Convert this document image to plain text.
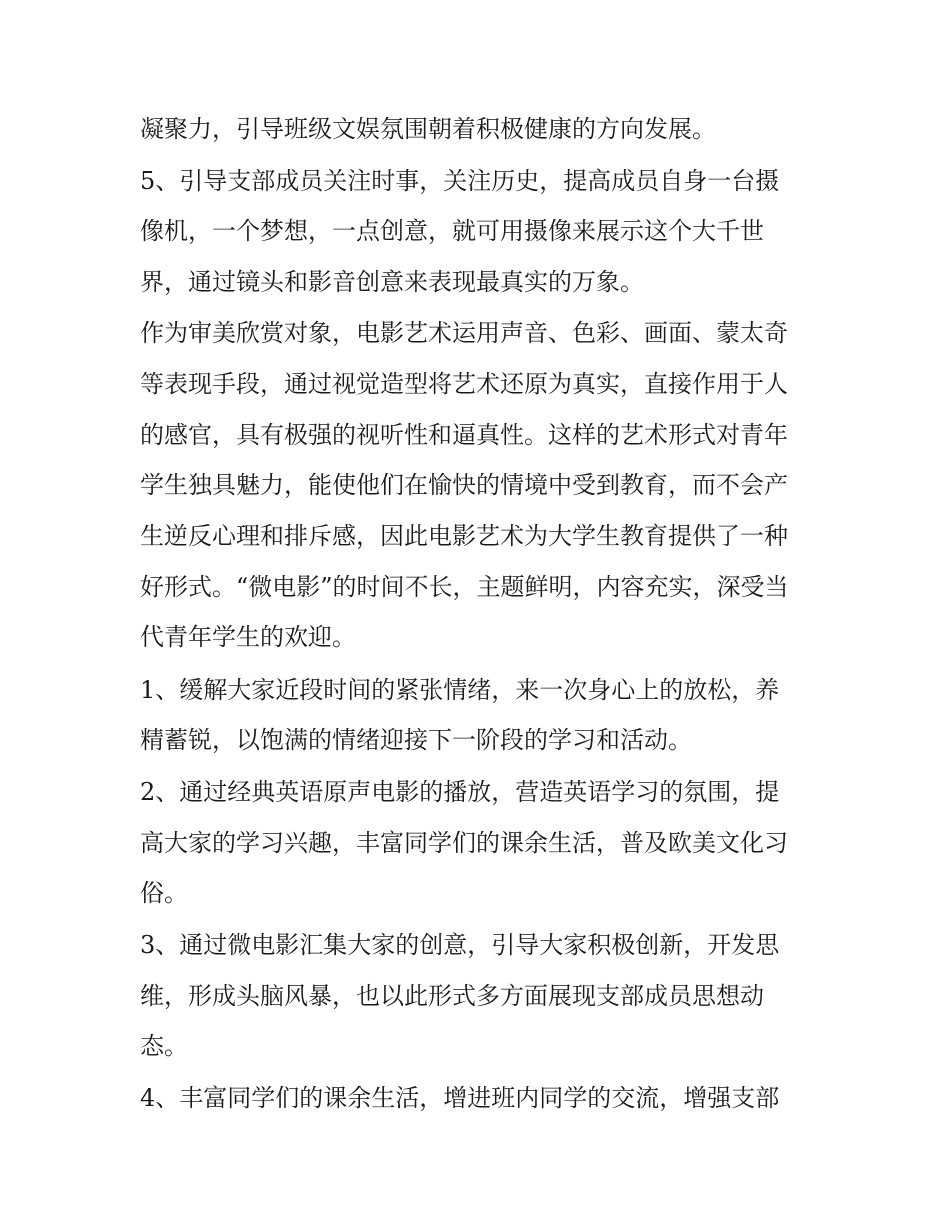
凝聚力，引导班级文娱氛围朝着积极健康的方向发展。

5、引导支部成员关注时事，关注历史，提高成员自身一台摄

像机，一个梦想，一点创意，就可用摄像来展示这个大千世

界，通过镜头和影音创意来表现最真实的万象。

作为审美欣赏对象，电影艺术运用声音、色彩、画面、蒙太奇

等表现手段，通过视觉造型将艺术还原为真实，直接作用于人

的感官，具有极强的视听性和逼真性。这样的艺术形式对青年

学生独具魅力，能使他们在愉快的情境中受到教育，而不会产

生逆反心理和排斥感，因此电影艺术为大学生教育提供了一种

好形式。“微电影”的时间不长，主题鲜明，内容充实，深受当

代青年学生的欢迎。

1、缓解大家近段时间的紧张情绪，来一次身心上的放松，养

精蓄锐，以饱满的情绪迎接下一阶段的学习和活动。

2、通过经典英语原声电影的播放，营造英语学习的氛围，提

高大家的学习兴趣，丰富同学们的课余生活，普及欧美文化习

俗。

3、通过微电影汇集大家的创意，引导大家积极创新，开发思

维，形成头脑风暴，也以此形式多方面展现支部成员思想动

态。

4、丰富同学们的课余生活，增进班内同学的交流，增强支部
